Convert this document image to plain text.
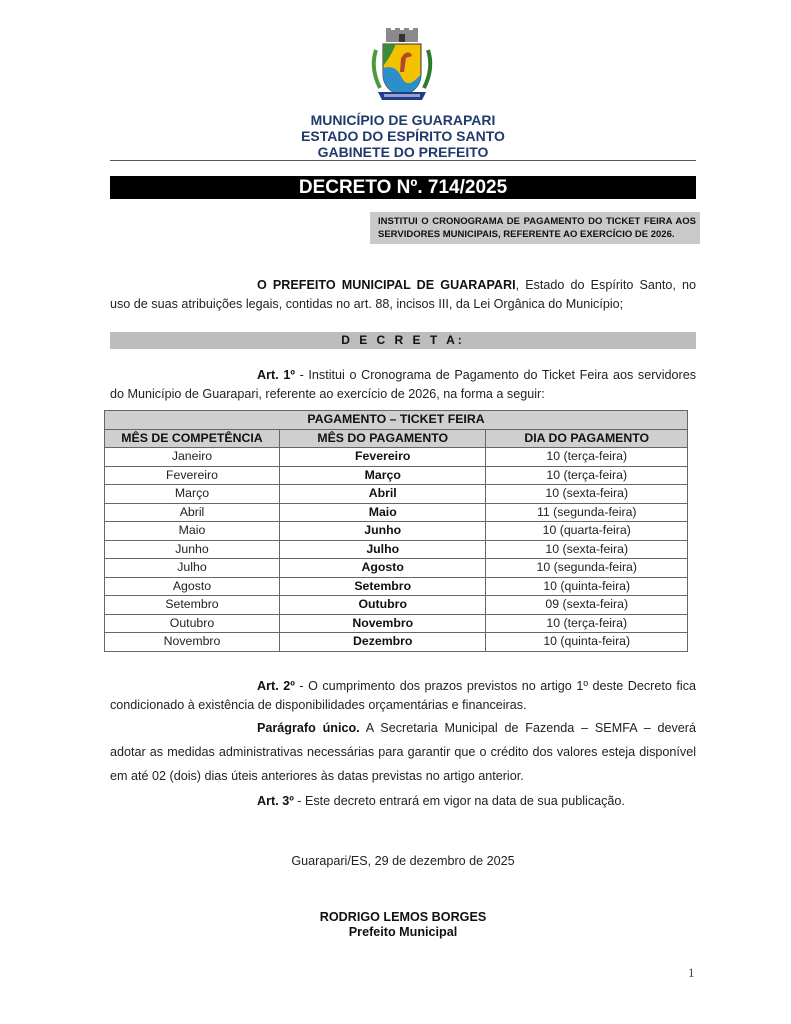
MUNICÍPIO DE GUARAPARI
ESTADO DO ESPÍRITO SANTO
GABINETE DO PREFEITO
DECRETO Nº. 714/2025
INSTITUI O CRONOGRAMA DE PAGAMENTO DO TICKET FEIRA AOS SERVIDORES MUNICIPAIS, REFERENTE AO EXERCÍCIO DE 2026.
O PREFEITO MUNICIPAL DE GUARAPARI, Estado do Espírito Santo, no uso de suas atribuições legais, contidas no art. 88, incisos III, da Lei Orgânica do Município;
D E C R E T A:
Art. 1º - Institui o Cronograma de Pagamento do Ticket Feira aos servidores do Município de Guarapari, referente ao exercício de 2026, na forma a seguir:
PAGAMENTO – TICKET FEIRA		
MÊS DE COMPETÊNCIA	MÊS DO PAGAMENTO	DIA DO PAGAMENTO
Janeiro	Fevereiro	10 (terça-feira)
Fevereiro	Março	10 (terça-feira)
Março	Abril	10 (sexta-feira)
Abril	Maio	11 (segunda-feira)
Maio	Junho	10 (quarta-feira)
Junho	Julho	10 (sexta-feira)
Julho	Agosto	10 (segunda-feira)
Agosto	Setembro	10 (quinta-feira)
Setembro	Outubro	09 (sexta-feira)
Outubro	Novembro	10 (terça-feira)
Novembro	Dezembro	10 (quinta-feira)
Art. 2º - O cumprimento dos prazos previstos no artigo 1º deste Decreto fica condicionado à existência de disponibilidades orçamentárias e financeiras.
Parágrafo único. A Secretaria Municipal de Fazenda – SEMFA – deverá adotar as medidas administrativas necessárias para garantir que o crédito dos valores esteja disponível em até 02 (dois) dias úteis anteriores às datas previstas no artigo anterior.
Art. 3º - Este decreto entrará em vigor na data de sua publicação.
Guarapari/ES, 29 de dezembro de 2025
RODRIGO LEMOS BORGES
Prefeito Municipal
1
